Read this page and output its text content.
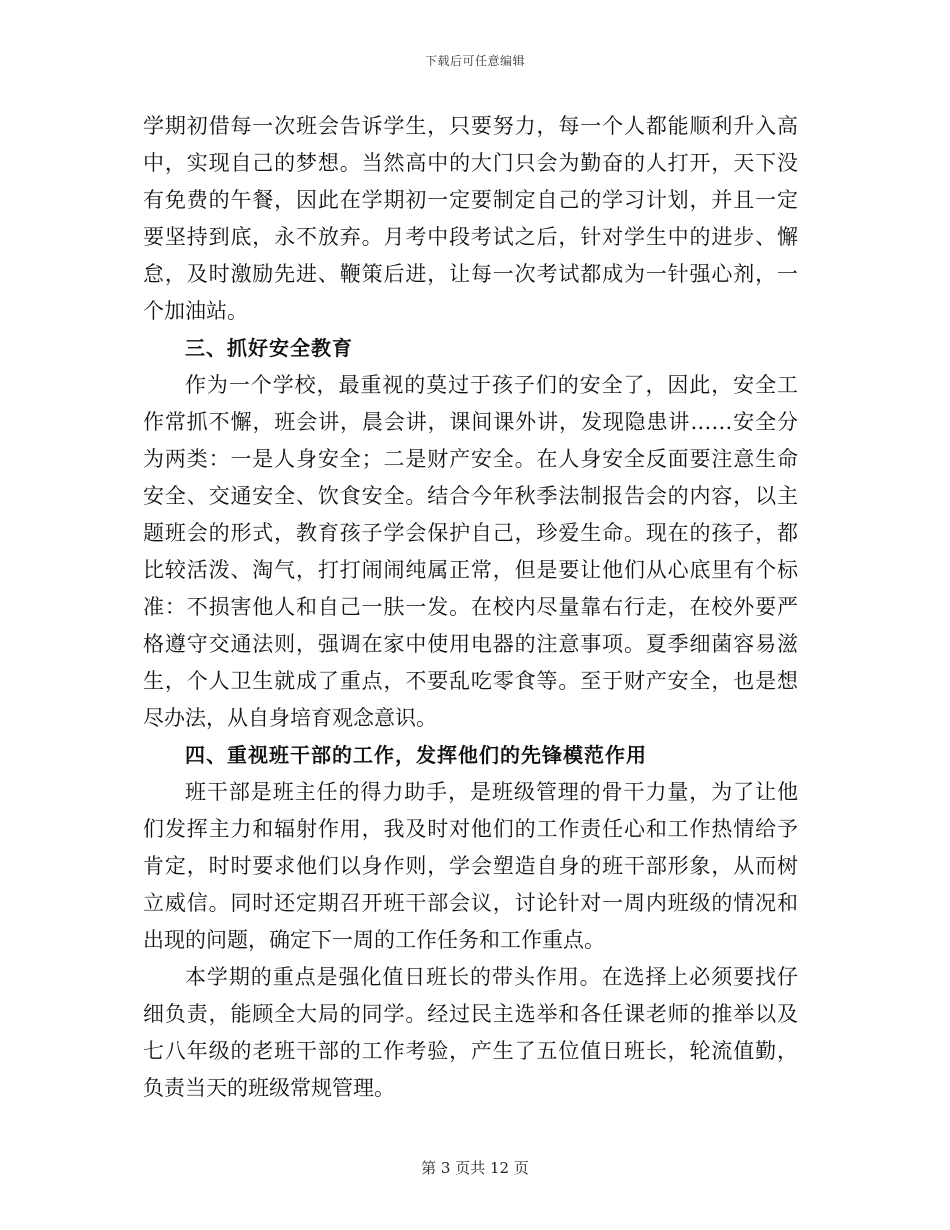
下载后可任意编辑
学期初借每一次班会告诉学生，只要努力，每一个人都能顺利升入高
中，实现自己的梦想。当然高中的大门只会为勤奋的人打开，天下没
有免费的午餐，因此在学期初一定要制定自己的学习计划，并且一定
要坚持到底，永不放弃。月考中段考试之后，针对学生中的进步、懈
怠，及时激励先进、鞭策后进，让每一次考试都成为一针强心剂，一
个加油站。
三、抓好安全教育
作为一个学校，最重视的莫过于孩子们的安全了，因此，安全工
作常抓不懈，班会讲，晨会讲，课间课外讲，发现隐患讲……安全分
为两类：一是人身安全；二是财产安全。在人身安全反面要注意生命
安全、交通安全、饮食安全。结合今年秋季法制报告会的内容，以主
题班会的形式，教育孩子学会保护自己，珍爱生命。现在的孩子，都
比较活泼、淘气，打打闹闹纯属正常，但是要让他们从心底里有个标
准：不损害他人和自己一肤一发。在校内尽量靠右行走，在校外要严
格遵守交通法则，强调在家中使用电器的注意事项。夏季细菌容易滋
生，个人卫生就成了重点，不要乱吃零食等。至于财产安全，也是想
尽办法，从自身培育观念意识。
四、重视班干部的工作，发挥他们的先锋模范作用
班干部是班主任的得力助手，是班级管理的骨干力量，为了让他
们发挥主力和辐射作用，我及时对他们的工作责任心和工作热情给予
肯定，时时要求他们以身作则，学会塑造自身的班干部形象，从而树
立威信。同时还定期召开班干部会议，讨论针对一周内班级的情况和
出现的问题，确定下一周的工作任务和工作重点。
本学期的重点是强化值日班长的带头作用。在选择上必须要找仔
细负责，能顾全大局的同学。经过民主选举和各任课老师的推举以及
七八年级的老班干部的工作考验，产生了五位值日班长，轮流值勤，
负责当天的班级常规管理。
第 3 页共 12 页
